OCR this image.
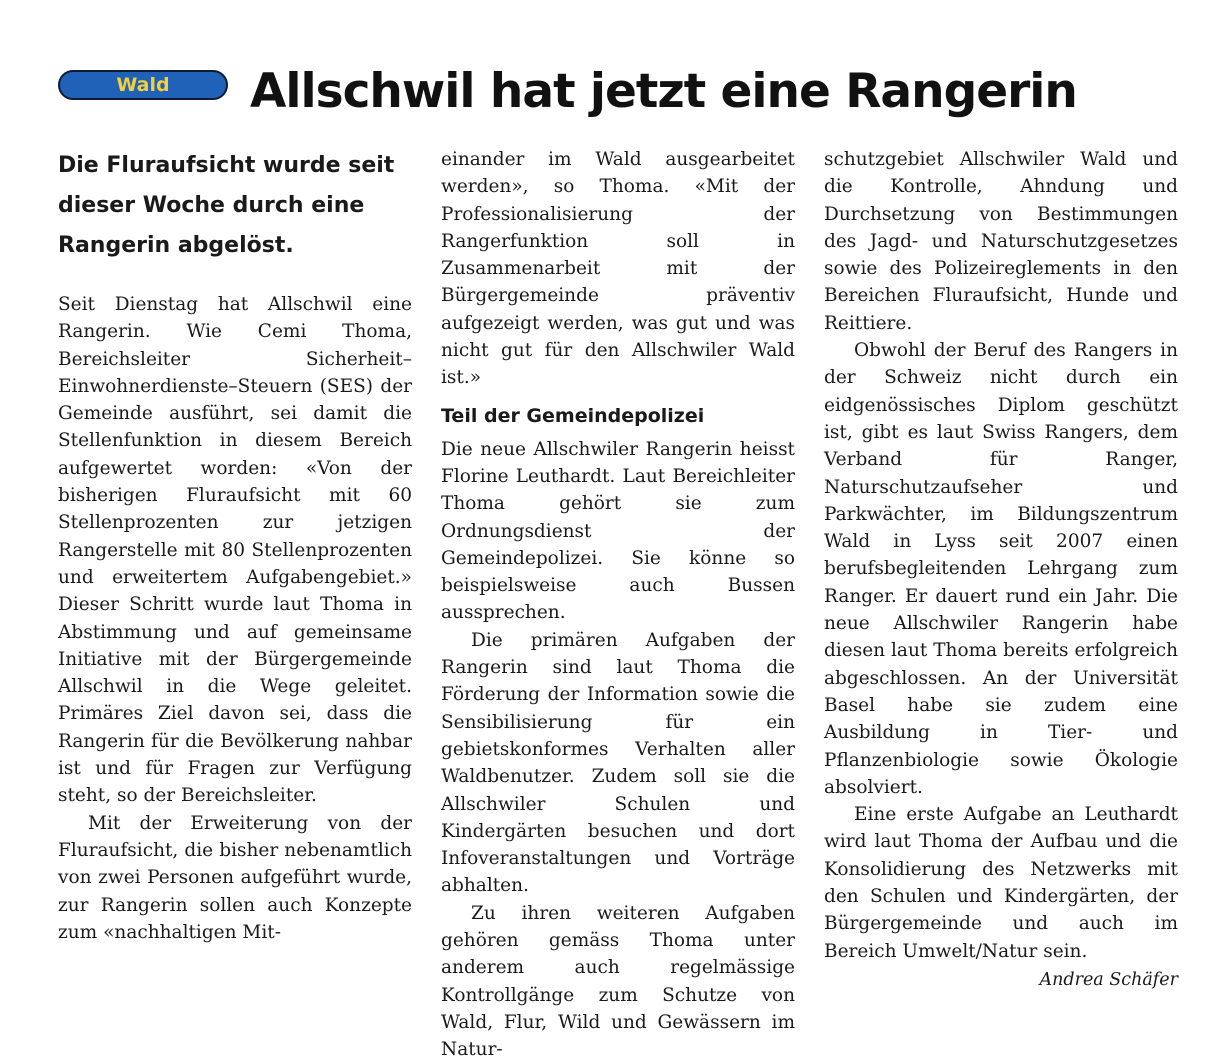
Wald	Allschwil hat jetzt eine Rangerin
Die Fluraufsicht wurde seit dieser Woche durch eine Rangerin abgelöst.

Seit Dienstag hat Allschwil eine Rangerin. Wie Cemi Thoma, Bereichsleiter Sicherheit–Einwohnerdienste–Steuern (SES) der Gemeinde ausführt, sei damit die Stellenfunktion in diesem Bereich aufgewertet worden: «Von der bisherigen Fluraufsicht mit 60 Stellenprozenten zur jetzigen Rangerstelle mit 80 Stellenprozenten und erweitertem Aufgabengebiet.» Dieser Schritt wurde laut Thoma in Abstimmung und auf gemeinsame Initiative mit der Bürgergemeinde Allschwil in die Wege geleitet. Primäres Ziel davon sei, dass die Rangerin für die Bevölkerung nahbar ist und für Fragen zur Verfügung steht, so der Bereichsleiter.

Mit der Erweiterung von der Fluraufsicht, die bisher nebenamtlich von zwei Personen aufgeführt wurde, zur Rangerin sollen auch Konzepte zum «nachhaltigen Mit-

einander im Wald ausgearbeitet werden», so Thoma. «Mit der Professionalisierung der Rangerfunktion soll in Zusammenarbeit mit der Bürgergemeinde präventiv aufgezeigt werden, was gut und was nicht gut für den Allschwiler Wald ist.»

Teil der Gemeindepolizei

Die neue Allschwiler Rangerin heisst Florine Leuthardt. Laut Bereichleiter Thoma gehört sie zum Ordnungsdienst der Gemeindepolizei. Sie könne so beispielsweise auch Bussen aussprechen.

Die primären Aufgaben der Rangerin sind laut Thoma die Förderung der Information sowie die Sensibilisierung für ein gebietskonformes Verhalten aller Waldbenutzer. Zudem soll sie die Allschwiler Schulen und Kindergärten besuchen und dort Infoveranstaltungen und Vorträge abhalten.

Zu ihren weiteren Aufgaben gehören gemäss Thoma unter anderem auch regelmässige Kontrollgänge zum Schutze von Wald, Flur, Wild und Gewässern im Natur-

schutzgebiet Allschwiler Wald und die Kontrolle, Ahndung und Durchsetzung von Bestimmungen des Jagd- und Naturschutzgesetzes sowie des Polizeireglements in den Bereichen Fluraufsicht, Hunde und Reittiere.

Obwohl der Beruf des Rangers in der Schweiz nicht durch ein eidgenössisches Diplom geschützt ist, gibt es laut Swiss Rangers, dem Verband für Ranger, Naturschutzaufseher und Parkwächter, im Bildungszentrum Wald in Lyss seit 2007 einen berufsbegleitenden Lehrgang zum Ranger. Er dauert rund ein Jahr. Die neue Allschwiler Rangerin habe diesen laut Thoma bereits erfolgreich abgeschlossen. An der Universität Basel habe sie zudem eine Ausbildung in Tier- und Pflanzenbiologie sowie Ökologie absolviert.

Eine erste Aufgabe an Leuthardt wird laut Thoma der Aufbau und die Konsolidierung des Netzwerks mit den Schulen und Kindergärten, der Bürgergemeinde und auch im Bereich Umwelt/Natur sein.

Andrea Schäfer
